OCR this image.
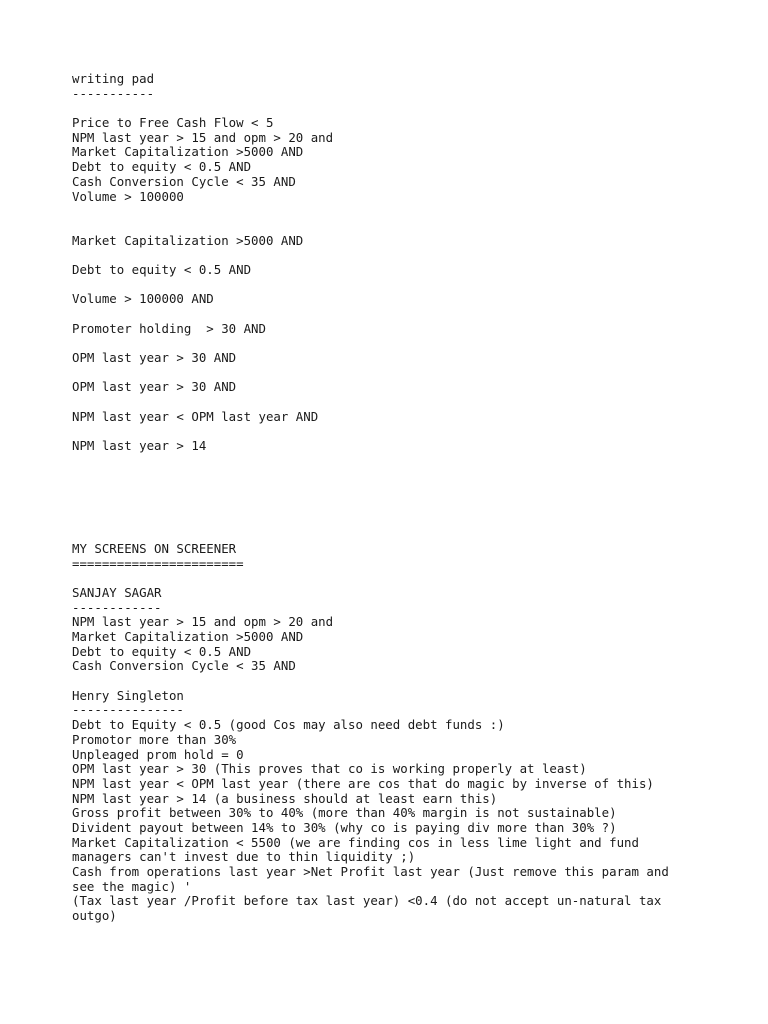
writing pad
-----------
Price to Free Cash Flow < 5
NPM last year > 15 and opm > 20 and
Market Capitalization >5000 AND
Debt to equity < 0.5 AND
Cash Conversion Cycle < 35 AND
Volume > 100000
Market Capitalization >5000 AND
Debt to equity < 0.5 AND
Volume > 100000 AND
Promoter holding  > 30 AND
OPM last year > 30 AND
OPM last year > 30 AND
NPM last year < OPM last year AND
NPM last year > 14
MY SCREENS ON SCREENER
=======================
SANJAY SAGAR
------------
NPM last year > 15 and opm > 20 and
Market Capitalization >5000 AND
Debt to equity < 0.5 AND
Cash Conversion Cycle < 35 AND
Henry Singleton
---------------
Debt to Equity < 0.5 (good Cos may also need debt funds :)
Promotor more than 30%
Unpleaged prom hold = 0
OPM last year > 30 (This proves that co is working properly at least)
NPM last year < OPM last year (there are cos that do magic by inverse of this)
NPM last year > 14 (a business should at least earn this)
Gross profit between 30% to 40% (more than 40% margin is not sustainable)
Divident payout between 14% to 30% (why co is paying div more than 30% ?)
Market Capitalization < 5500 (we are finding cos in less lime light and fund
managers can't invest due to thin liquidity ;)
Cash from operations last year >Net Profit last year (Just remove this param and
see the magic) '
(Tax last year /Profit before tax last year) <0.4 (do not accept un-natural tax
outgo)
